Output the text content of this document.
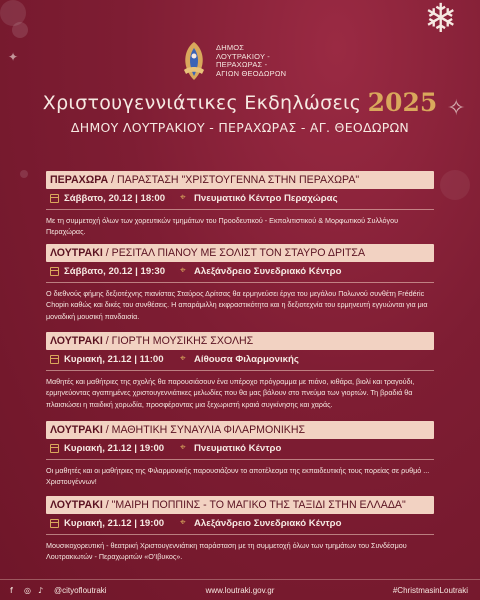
❄
✦
✧
ΔΗΜΟΣ
ΛΟΥΤΡΑΚΙΟΥ -
ΠΕΡΑΧΩΡΑΣ -
ΑΓΙΩΝ ΘΕΟΔΩΡΩΝ
Χριστουγεννιάτικες Εκδηλώσεις 2025
ΔΗΜΟΥ ΛΟΥΤΡΑΚΙΟΥ - ΠΕΡΑΧΩΡΑΣ - ΑΓ. ΘΕΟΔΩΡΩΝ
ΠΕΡΑΧΩΡΑ / ΠΑΡΑΣΤΑΣΗ "ΧΡΙΣΤΟΥΓΕΝΝΑ ΣΤΗΝ ΠΕΡΑΧΩΡΑ"
Σάββατο, 20.12 | 18:00 ⌖ Πνευματικό Κέντρο Περαχώρας
Με τη συμμετοχή όλων των χορευτικών τμημάτων του Προοδευτικού - Εκπολιτιστικού & Μορφωτικού Συλλόγου Περαχώρας.
ΛΟΥΤΡΑΚΙ / ΡΕΣΙΤΑΛ ΠΙΑΝΟΥ ΜΕ ΣΟΛΙΣΤ ΤΟΝ ΣΤΑΥΡΟ ΔΡΙΤΣΑ
Σάββατο, 20.12 | 19:30 ⌖ Αλεξάνδρειο Συνεδριακό Κέντρο
Ο διεθνούς φήμης δεξιοτέχνης πιανίστας Σταύρος Δρίτσας θα ερμηνεύσει έργα του μεγάλου Πολωνού συνθέτη Frédéric Chopin καθώς και δικές του συνθέσεις. Η απαράμιλλη εκφραστικότητα και η δεξιοτεχνία του ερμηνευτή εγγυώνται για μια μοναδική μουσική πανδαισία.
ΛΟΥΤΡΑΚΙ / ΓΙΟΡΤΗ ΜΟΥΣΙΚΗΣ ΣΧΟΛΗΣ
Κυριακή, 21.12 | 11:00 ⌖ Αίθουσα Φιλαρμονικής
Μαθητές και μαθήτριες της σχολής θα παρουσιάσουν ένα υπέροχο πρόγραμμα με πιάνο, κιθάρα, βιολί και τραγούδι, ερμηνεύοντας αγαπημένες χριστουγεννιάτικες μελωδίες που θα μας βάλουν στο πνεύμα των γιορτών. Τη βραδιά θα πλαισιώσει η παιδική χορωδία, προσφέροντας μια ξεχωριστή κραιά συγκίνησης και χαράς.
ΛΟΥΤΡΑΚΙ / ΜΑΘΗΤΙΚΗ ΣΥΝΑΥΛΙΑ ΦΙΛΑΡΜΟΝΙΚΗΣ
Κυριακή, 21.12 | 19:00 ⌖ Πνευματικό Κέντρο
Οι μαθητές και οι μαθήτριες της Φιλαρμονικής παρουσιάζουν το αποτέλεσμα της εκπαιδευτικής τους πορείας σε ρυθμό ... Χριστουγέννων!
ΛΟΥΤΡΑΚΙ / "ΜΑΙΡΗ ΠΟΠΠΙΝΣ - ΤΟ ΜΑΓΙΚΟ ΤΗΣ ΤΑΞΙΔΙ ΣΤΗΝ ΕΛΛΑΔΑ"
Κυριακή, 21.12 | 19:00 ⌖ Αλεξάνδρειο Συνεδριακό Κέντρο
Μουσικοχορευτική - θεατρική Χριστουγεννιάτικη παράσταση με τη συμμετοχή όλων των τμημάτων του Συνδέσμου Λουτρακιωτών - Περαχωριτών «Ο'Ιβυκος».
f	◎ ♪	@cityofloutraki	www.loutraki.gov.gr	#ChristmasinLoutraki
